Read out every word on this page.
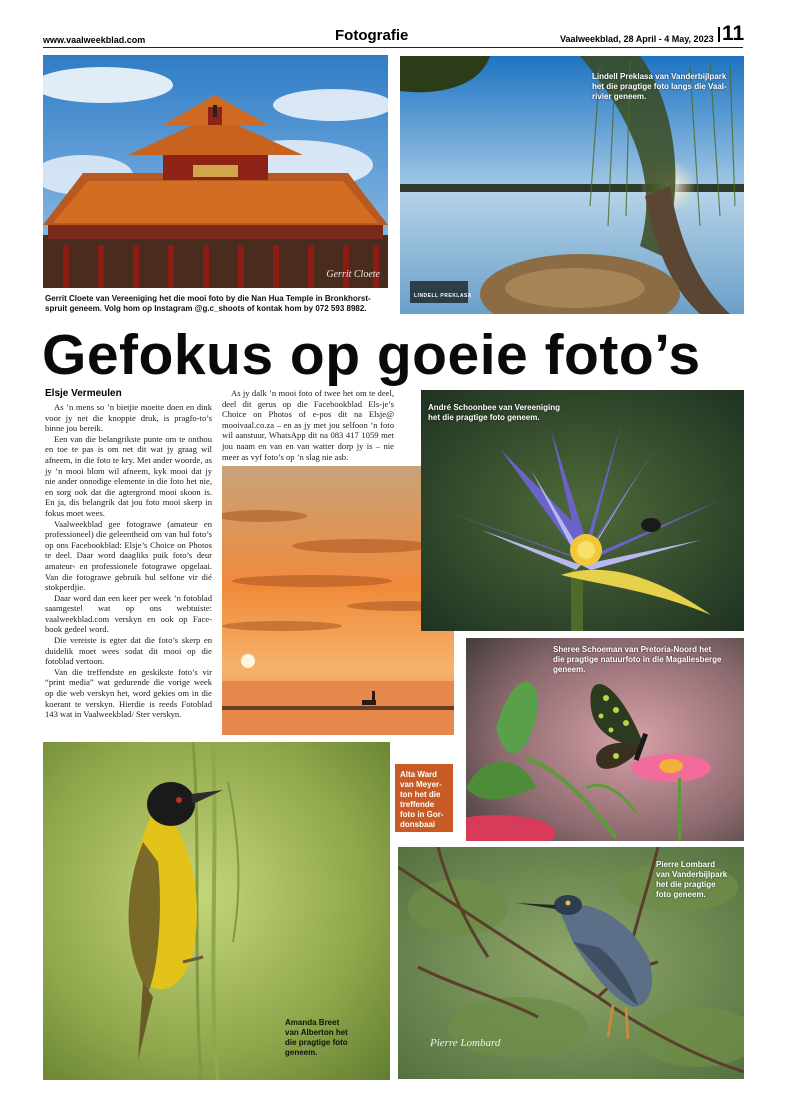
www.vaalweekblad.com	Fotografie	Vaalweekblad, 28 April - 4 May, 2023 11
Gerrit Cloete
Gerrit Cloete van Vereeniging het die mooi foto by die Nan Hua Temple in Bronkhorst-spruit geneem. Volg hom op Instagram @g.c_shoots of kontak hom by 072 593 8982.
LINDELL PREKLASA
Lindell Preklasa van Vanderbijlpark
het die pragtige foto langs die Vaal-
rivier geneem.
Gefokus op goeie foto’s
Elsje Vermeulen

As ’n mens so ’n bietjie moeite doen en dink voor jy net die knoppie druk, is pragfo-to’s binne jou bereik.

Een van die belangrikste punte om te onthou en toe te pas is om net dit wat jy graag wil afneem, in die foto te kry. Met ander woorde, as jy ’n mooi blom wil afneem, kyk mooi dat jy nie ander onnodige elemente in die foto het nie, en sorg ook dat die agtergrond mooi skoon is. En ja, dis belangrik dat jou foto mooi skerp in fokus moet wees.

Vaalweekblad gee fotograwe (amateur en professioneel) die geleentheid om van hul foto’s op ons Facebookblad: Elsje’s Choice on Photos te deel. Daar word daagliks puik foto’s deur amateur- en professionele fotograwe opgelaai. Van die fotograwe gebruik hul selfone vir dié stokperdjie.

Daar word dan een keer per week ’n fotoblad saamgestel wat op ons webtuiste: vaalweekblad.com verskyn en ook op Face-book gedeel word.

Die vereiste is egter dat die foto’s skerp en duidelik moet wees sodat dit mooi op die fotoblad vertoon.

Van die treffendste en geskikste foto’s vir “print media” wat gedurende die vorige week op die web verskyn het, word gekies om in die koerant te verskyn. Hierdie is reeds Fotoblad 143 wat in Vaalweekblad/ Ster verskyn.

As jy dalk ’n mooi foto of twee het om te deel, deel dit gerus op die Facebookblad Els-je’s Choice on Photos of e-pos dit na Elsje@ mooivaal.co.za – en as jy met jou selfoon ’n foto wil aanstuur, WhatsApp dit na 083 417 1059 met jou naam en van en van watter dorp jy is – nie meer as vyf foto’s op ’n slag nie asb.

André Schoonbee van Vereeniging
het die pragtige foto geneem.
Sheree Schoeman van Pretoria-Noord het
die pragtige natuurfoto in die Magaliesberge
geneem.
Alta Ward
van Meyer-
ton het die
treffende
foto in Gor-
donsbaai
geneem.
Amanda Breet
van Alberton het
die pragtige foto
geneem.
Pierre Lombard
Pierre Lombard
van Vanderbijlpark
het die pragtige
foto geneem.
